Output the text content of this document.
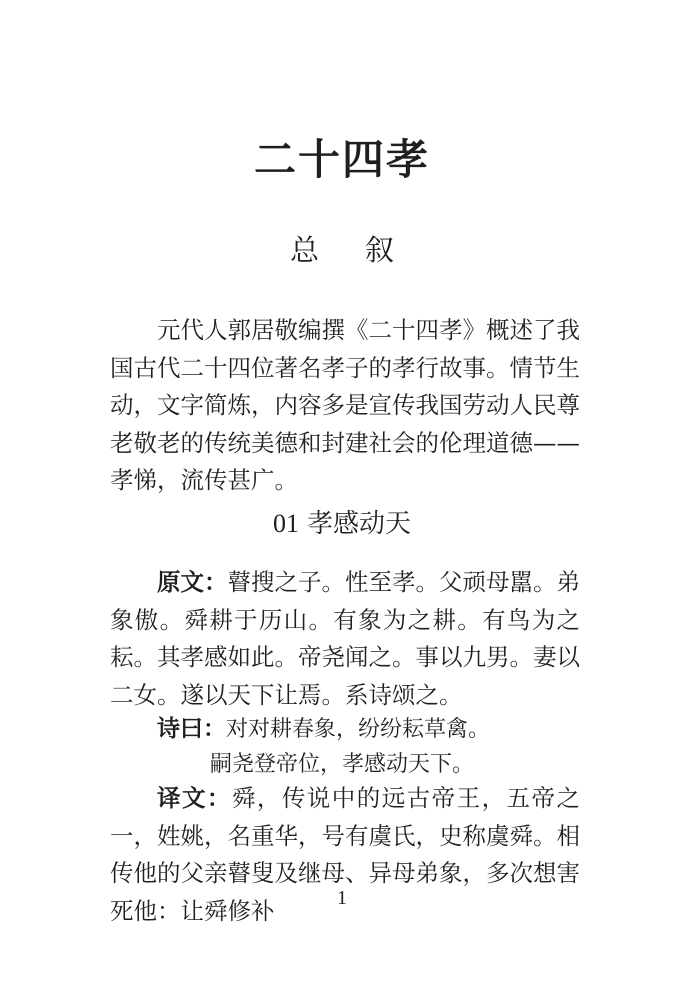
二十四孝
总 叙

元代人郭居敬编撰《二十四孝》概述了我国古代二十四位著名孝子的孝行故事。情节生动，文字简炼，内容多是宣传我国劳动人民尊老敬老的传统美德和封建社会的伦理道德——孝悌，流传甚广。

01 孝感动天

原文：瞽搜之子。性至孝。父顽母嚚。弟象傲。舜耕于历山。有象为之耕。有鸟为之耘。其孝感如此。帝尧闻之。事以九男。妻以二女。遂以天下让焉。系诗颂之。

诗曰：对对耕春象，纷纷耘草禽。
嗣尧登帝位，孝感动天下。

译文：舜，传说中的远古帝王，五帝之一，姓姚，名重华，号有虞氏，史称虞舜。相传他的父亲瞽叟及继母、异母弟象，多次想害死他：让舜修补	1
